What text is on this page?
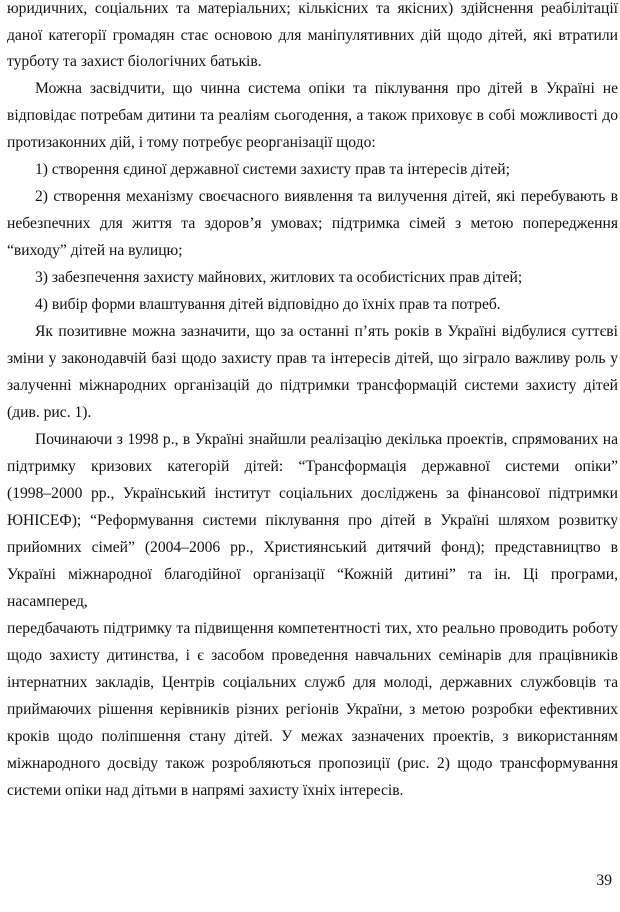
юридичних, соціальних та матеріальних; кількісних та якісних) здійснення реабілітації
даної категорії громадян стає основою для маніпулятивних дій щодо дітей, які втратили
турботу та захист біологічних батьків.
Можна засвідчити, що чинна система опіки та піклування про дітей в Україні не
відповідає потребам дитини та реаліям сьогодення, а також приховує в собі можливості до
протизаконних дій, і тому потребує реорганізації щодо:
1) створення єдиної державної системи захисту прав та інтересів дітей;
2) створення механізму своєчасного виявлення та вилучення дітей, які перебувають в
небезпечних для життя та здоров’я умовах; підтримка сімей з метою попередження
“виходу” дітей на вулицю;
3) забезпечення захисту майнових, житлових та особистісних прав дітей;
4) вибір форми влаштування дітей відповідно до їхніх прав та потреб.
Як позитивне можна зазначити, що за останні п’ять років в Україні відбулися суттєві
зміни у законодавчій базі щодо захисту прав та інтересів дітей, що зіграло важливу роль у
залученні міжнародних організацій до підтримки трансформацій системи захисту дітей
(див. рис. 1).
Починаючи з 1998 р., в Україні знайшли реалізацію декілька проектів, спрямованих на
підтримку кризових категорій дітей: “Трансформація державної системи опіки”
(1998–2000 рр., Український інститут соціальних досліджень за фінансової підтримки
ЮНІСЕФ); “Реформування системи піклування про дітей в Україні шляхом розвитку
прийомних сімей” (2004–2006 рр., Християнський дитячий фонд); представництво в
Україні міжнародної благодійної організації “Кожній дитині” та ін. Ці програми,
насамперед,
передбачають підтримку та підвищення компетентності тих, хто реально проводить роботу
щодо захисту дитинства, і є засобом проведення навчальних семінарів для працівників
інтернатних закладів, Центрів соціальних служб для молоді, державних службовців та
приймаючих рішення керівників різних регіонів України, з метою розробки ефективних
кроків щодо поліпшення стану дітей. У межах зазначених проектів, з використанням
міжнародного досвіду також розробляються пропозиції (рис. 2) щодо трансформування
системи опіки над дітьми в напрямі захисту їхніх інтересів.
39
